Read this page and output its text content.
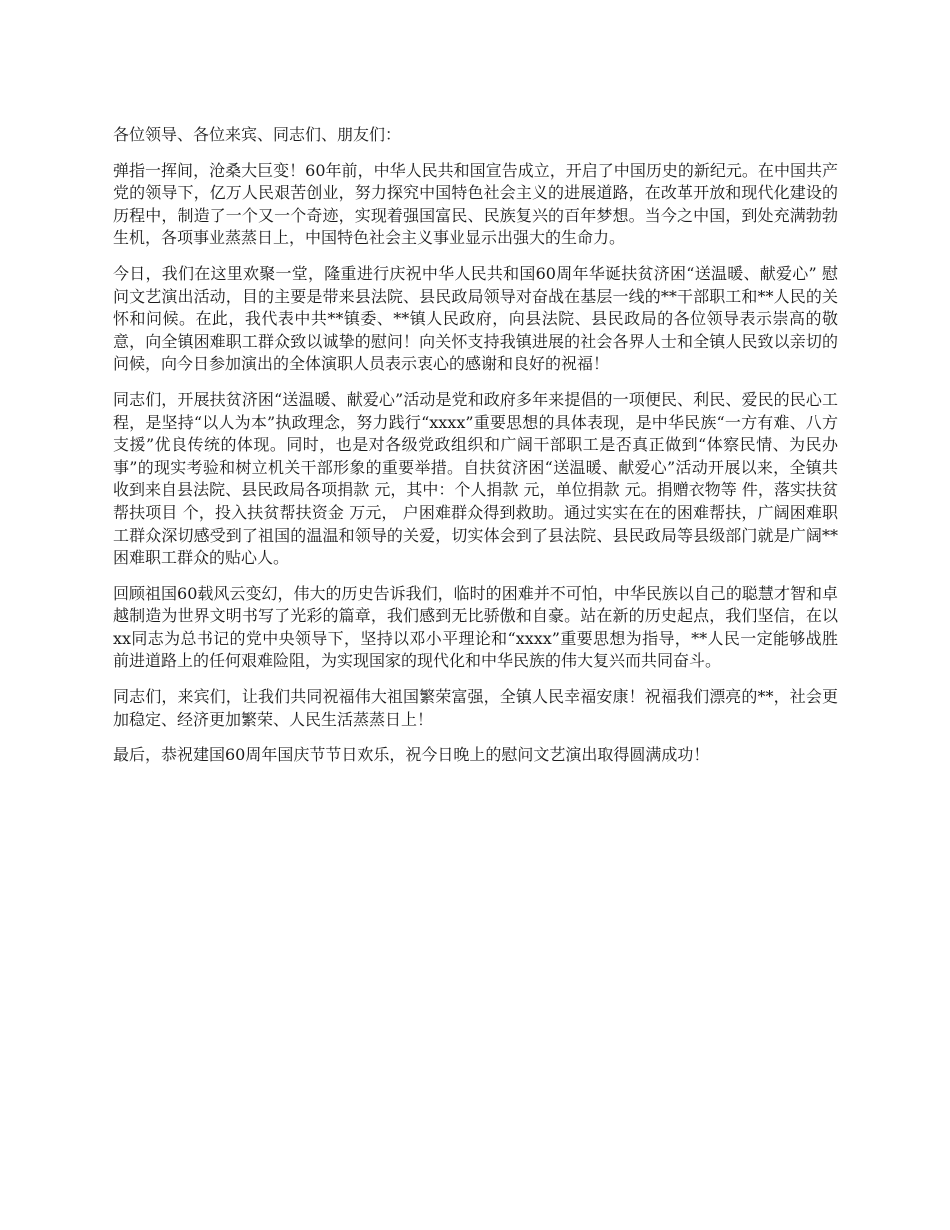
各位领导、各位来宾、同志们、朋友们：

弹指一挥间，沧桑大巨变！60年前，中华人民共和国宣告成立，开启了中国历史的新纪元。在中国共产党的领导下，亿万人民艰苦创业，努力探究中国特色社会主义的进展道路，在改革开放和现代化建设的历程中，制造了一个又一个奇迹，实现着强国富民、民族复兴的百年梦想。当今之中国，到处充满勃勃生机，各项事业蒸蒸日上，中国特色社会主义事业显示出强大的生命力。

今日，我们在这里欢聚一堂，隆重进行庆祝中华人民共和国60周年华诞扶贫济困“送温暖、献爱心” 慰问文艺演出活动，目的主要是带来县法院、县民政局领导对奋战在基层一线的**干部职工和**人民的关怀和问候。在此，我代表中共**镇委、**镇人民政府，向县法院、县民政局的各位领导表示崇高的敬意，向全镇困难职工群众致以诚挚的慰问！向关怀支持我镇进展的社会各界人士和全镇人民致以亲切的问候，向今日参加演出的全体演职人员表示衷心的感谢和良好的祝福！

同志们，开展扶贫济困“送温暖、献爱心”活动是党和政府多年来提倡的一项便民、利民、爱民的民心工程，是坚持“以人为本”执政理念，努力践行“xxxx”重要思想的具体表现，是中华民族“一方有难、八方支援”优良传统的体现。同时，也是对各级党政组织和广阔干部职工是否真正做到“体察民情、为民办事”的现实考验和树立机关干部形象的重要举措。自扶贫济困“送温暖、献爱心”活动开展以来，全镇共收到来自县法院、县民政局各项捐款 元，其中：个人捐款 元，单位捐款 元。捐赠衣物等 件，落实扶贫帮扶项目 个，投入扶贫帮扶资金 万元， 户困难群众得到救助。通过实实在在的困难帮扶，广阔困难职工群众深切感受到了祖国的温温和领导的关爱，切实体会到了县法院、县民政局等县级部门就是广阔**困难职工群众的贴心人。

回顾祖国60载风云变幻，伟大的历史告诉我们，临时的困难并不可怕，中华民族以自己的聪慧才智和卓越制造为世界文明书写了光彩的篇章，我们感到无比骄傲和自豪。站在新的历史起点，我们坚信，在以xx同志为总书记的党中央领导下，坚持以邓小平理论和“xxxx”重要思想为指导，**人民一定能够战胜前进道路上的任何艰难险阻，为实现国家的现代化和中华民族的伟大复兴而共同奋斗。

同志们，来宾们，让我们共同祝福伟大祖国繁荣富强，全镇人民幸福安康！祝福我们漂亮的**，社会更加稳定、经济更加繁荣、人民生活蒸蒸日上！

最后，恭祝建国60周年国庆节节日欢乐，祝今日晚上的慰问文艺演出取得圆满成功！
